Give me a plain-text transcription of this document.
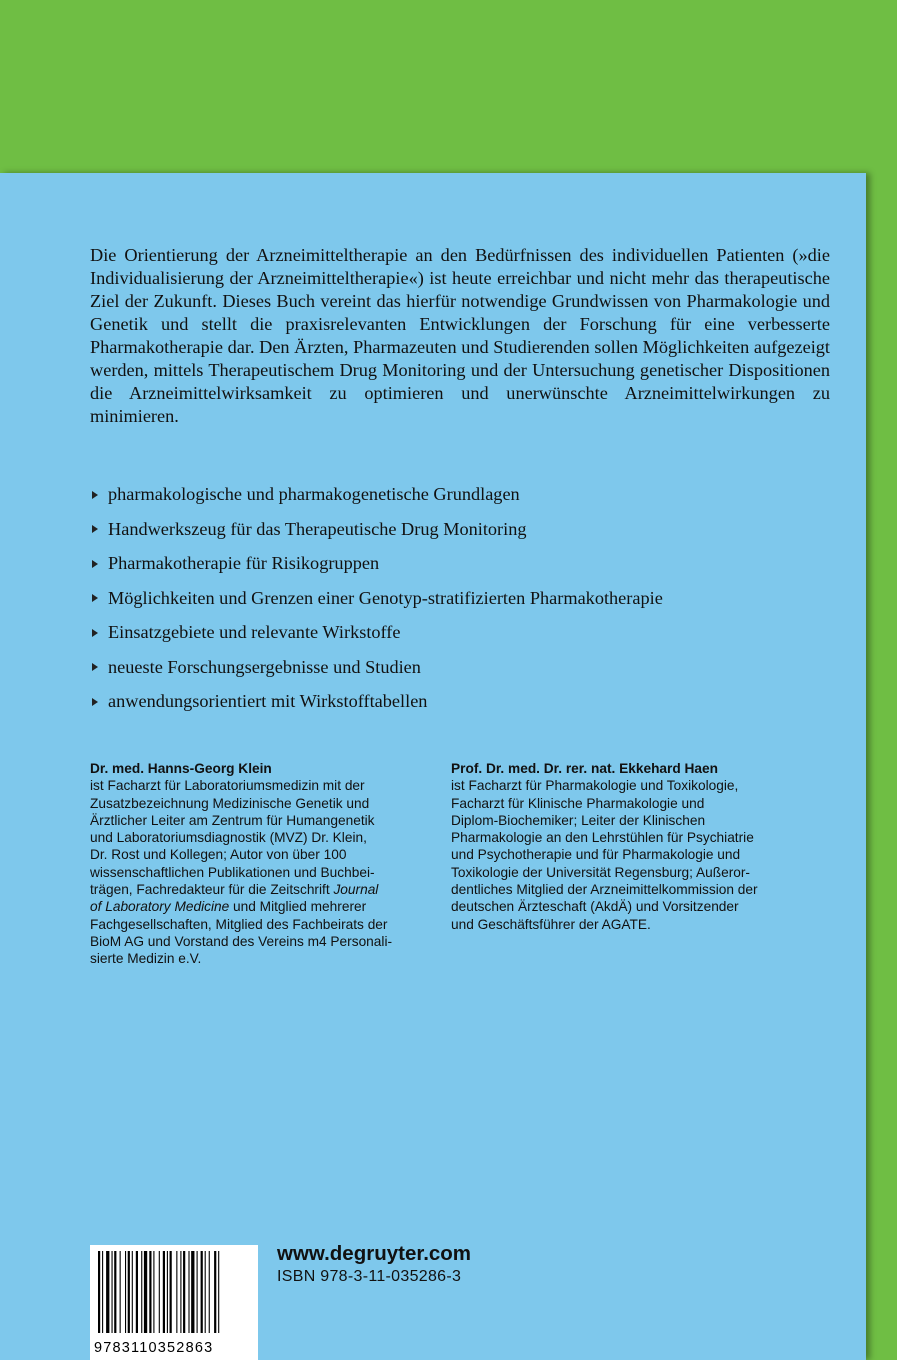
Die Orientierung der Arzneimitteltherapie an den Bedürfnissen des individuellen Patienten (»die Individualisierung der Arzneimitteltherapie«) ist heute erreichbar und nicht mehr das therapeutische Ziel der Zukunft. Dieses Buch vereint das hierfür notwendige Grundwissen von Pharmakologie und Genetik und stellt die praxisrelevanten Entwicklungen der Forschung für eine verbesserte Pharmakotherapie dar. Den Ärzten, Pharmazeuten und Studierenden sollen Möglichkeiten aufgezeigt werden, mittels Therapeutischem Drug Monitoring und der Untersuchung genetischer Dispositionen die Arzneimittelwirksamkeit zu optimieren und unerwünschte Arzneimittelwirkungen zu minimieren.

pharmakologische und pharmakogenetische Grundlagen
Handwerkszeug für das Therapeutische Drug Monitoring
Pharmakotherapie für Risikogruppen
Möglichkeiten und Grenzen einer Genotyp-stratifizierten Pharmakotherapie
Einsatzgebiete und relevante Wirkstoffe
neueste Forschungsergebnisse und Studien
anwendungsorientiert mit Wirkstofftabellen
Dr. med. Hanns-Georg Klein
ist Facharzt für Laboratoriumsmedizin mit der
Zusatzbezeichnung Medizinische Genetik und
Ärztlicher Leiter am Zentrum für Humangenetik
und Laboratoriumsdiagnostik (MVZ) Dr. Klein,
Dr. Rost und Kollegen; Autor von über 100
wissenschaftlichen Publikationen und Buchbei-
trägen, Fachredakteur für die Zeitschrift Journal
of Laboratory Medicine und Mitglied mehrerer
Fachgesellschaften, Mitglied des Fachbeirats der
BioM AG und Vorstand des Vereins m4 Personali-
sierte Medizin e.V.
Prof. Dr. med. Dr. rer. nat. Ekkehard Haen
ist Facharzt für Pharmakologie und Toxikologie,
Facharzt für Klinische Pharmakologie und
Diplom-Biochemiker; Leiter der Klinischen
Pharmakologie an den Lehrstühlen für Psychiatrie
und Psychotherapie und für Pharmakologie und
Toxikologie der Universität Regensburg; Außeror-
dentliches Mitglied der Arzneimittelkommission der
deutschen Ärzteschaft (AkdÄ) und Vorsitzender
und Geschäftsführer der AGATE.
9783110352863
www.degruyter.com
ISBN 978-3-11-035286-3
